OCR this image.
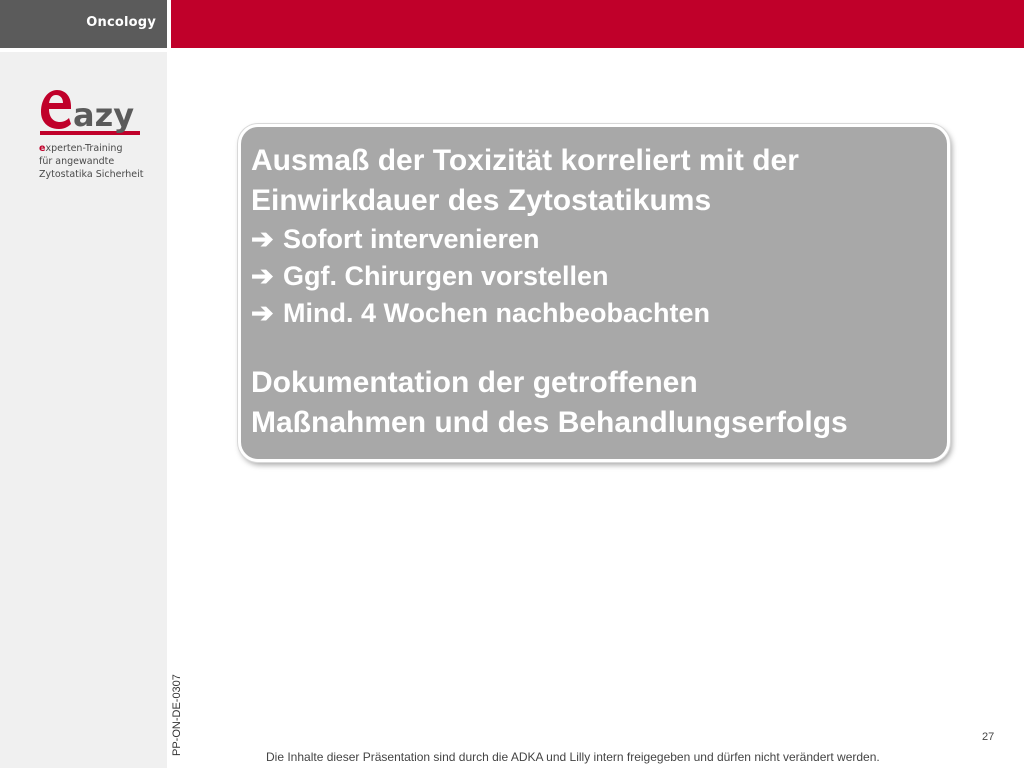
Oncology
azy
experten-Training
für angewandte
Zytostatika Sicherheit
PP-ON-DE-0307

Ausmaß der Toxizität korreliert mit der

Einwirkdauer des Zytostatikums

➔ Sofort intervenieren

➔ Ggf. Chirurgen vorstellen

➔ Mind. 4 Wochen nachbeobachten

Dokumentation der getroffenen

Maßnahmen und des Behandlungserfolgs

27
Die Inhalte dieser Präsentation sind durch die ADKA und Lilly intern freigegeben und dürfen nicht verändert werden.
